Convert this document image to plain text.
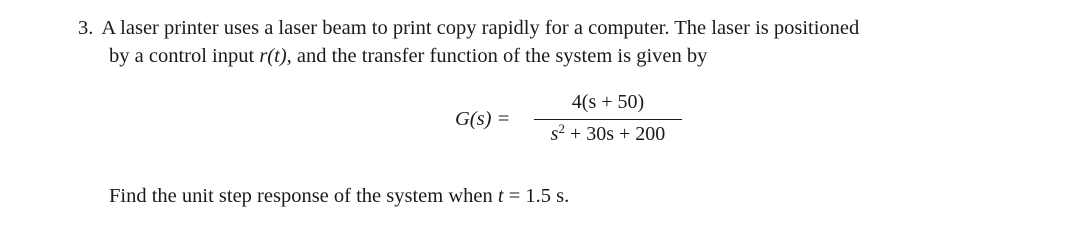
3. A laser printer uses a laser beam to print copy rapidly for a computer. The laser is positioned
by a control input r(t), and the transfer function of the system is given by
G(s) =
4(s + 50)
$s^2 + 30s + 200$
Find the unit step response of the system when t = 1.5 s.
